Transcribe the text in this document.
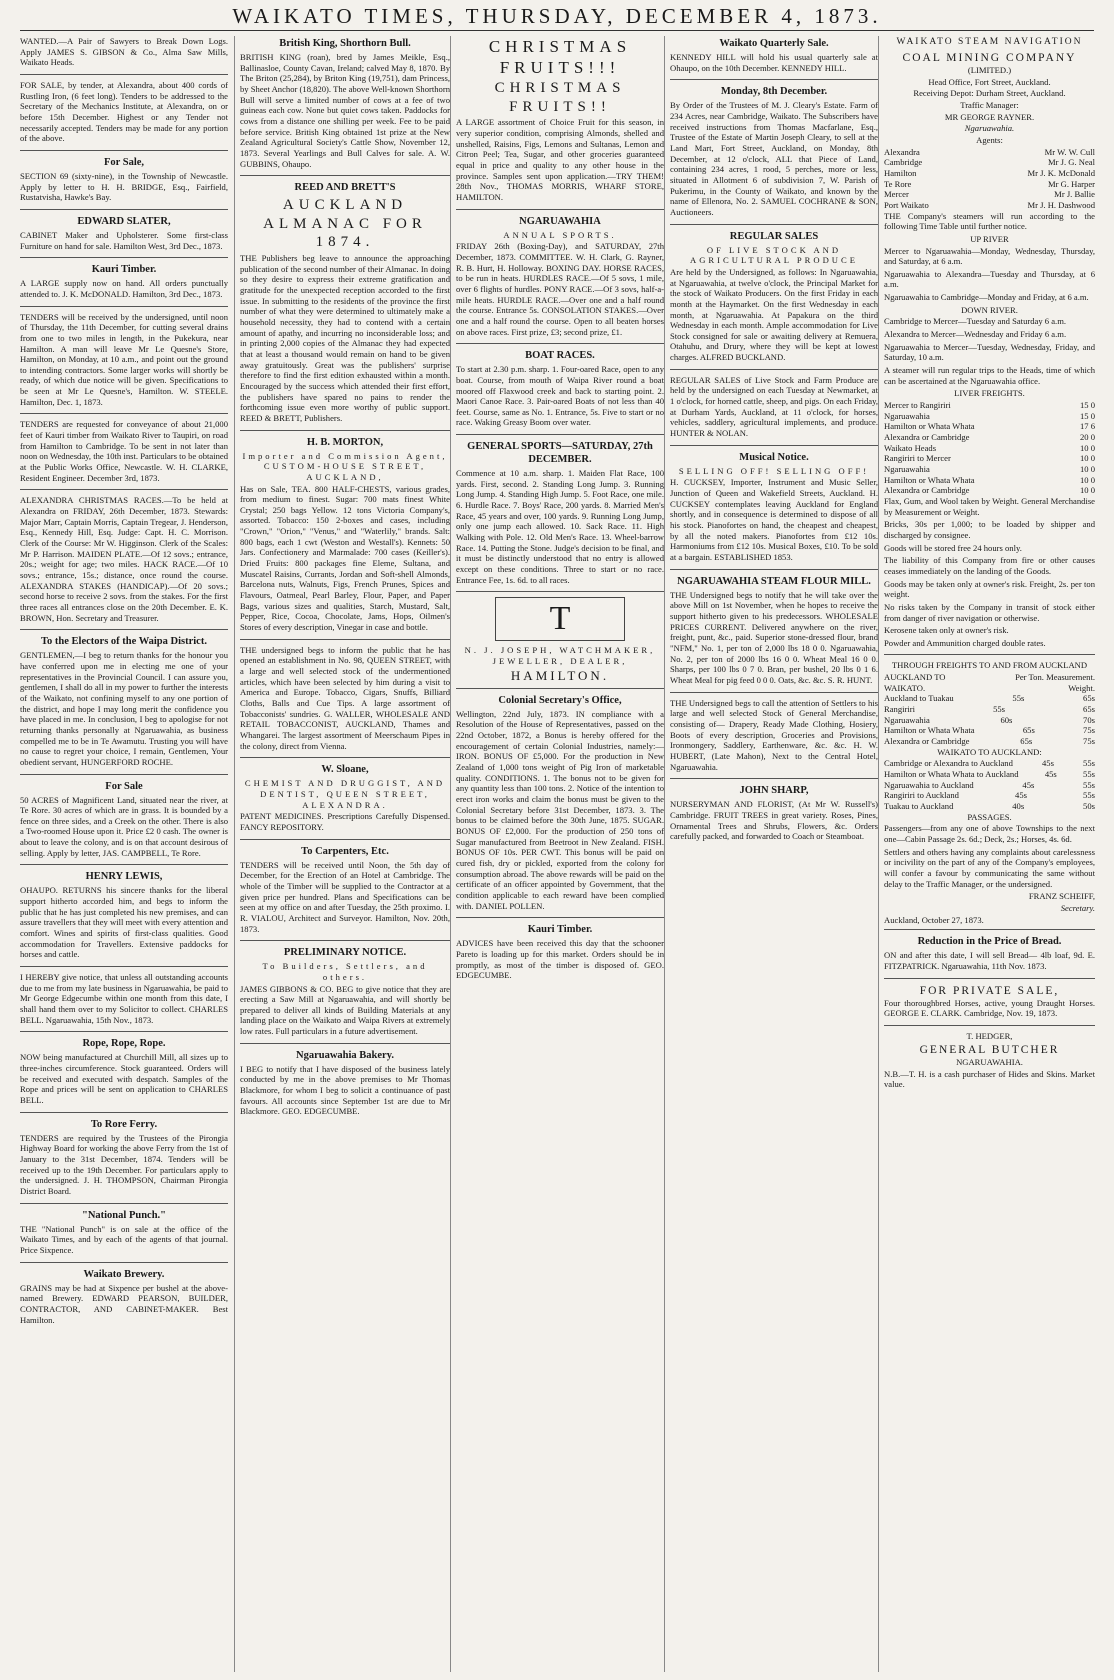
WAIKATO TIMES, THURSDAY, DECEMBER 4, 1873.

WANTED.—A Pair of Sawyers to Break Down Logs. Apply JAMES S. GIBSON & Co., Alma Saw Mills, Waikato Heads.

FOR SALE, by tender, at Alexandra, about 400 cords of Rustling Iron, (6 feet long). Tenders to be addressed to the Secretary of the Mechanics Institute, at Alexandra, on or before 15th December. Highest or any Tender not necessarily accepted. Tenders may be made for any portion of the above.

For Sale,

SECTION 69 (sixty-nine), in the Township of Newcastle. Apply by letter to H. H. BRIDGE, Esq., Fairfield, Rustatvisha, Hawke's Bay.

EDWARD SLATER,

CABINET Maker and Upholsterer. Some first-class Furniture on hand for sale. Hamilton West, 3rd Dec., 1873.

Kauri Timber.

A LARGE supply now on hand. All orders punctually attended to. J. K. McDONALD. Hamilton, 3rd Dec., 1873.

TENDERS will be received by the undersigned, until noon of Thursday, the 11th December, for cutting several drains from one to two miles in length, in the Pukekura, near Hamilton. A man will leave Mr Le Quesne's Store, Hamilton, on Monday, at 10 a.m., and point out the ground to intending contractors. Some larger works will shortly be ready, of which due notice will be given. Specifications to be seen at Mr Le Quesne's, Hamilton. W. STEELE. Hamilton, Dec. 1, 1873.

TENDERS are requested for conveyance of about 21,000 feet of Kauri timber from Waikato River to Taupiri, on road from Hamilton to Cambridge. To be sent in not later than noon on Wednesday, the 10th inst. Particulars to be obtained at the Public Works Office, Newcastle. W. H. CLARKE, Resident Engineer. December 3rd, 1873.

ALEXANDRA CHRISTMAS RACES.—To be held at Alexandra on FRIDAY, 26th December, 1873. Stewards: Major Marr, Captain Morris, Captain Tregear, J. Henderson, Esq., Kennedy Hill, Esq. Judge: Capt. H. C. Morrison. Clerk of the Course: Mr W. Higginson. Clerk of the Scales: Mr P. Harrison. MAIDEN PLATE.—Of 12 sovs.; entrance, 20s.; weight for age; two miles. HACK RACE.—Of 10 sovs.; entrance, 15s.; distance, once round the course. ALEXANDRA STAKES (HANDICAP).—Of 20 sovs.; second horse to receive 2 sovs. from the stakes. For the first three races all entrances close on the 20th December. E. K. BROWN, Hon. Secretary and Treasurer.

To the Electors of the Waipa District.

GENTLEMEN,—I beg to return thanks for the honour you have conferred upon me in electing me one of your representatives in the Provincial Council. I can assure you, gentlemen, I shall do all in my power to further the interests of the Waikato, not confining myself to any one portion of the district, and hope I may long merit the confidence you have placed in me. In conclusion, I beg to apologise for not returning thanks personally at Ngaruawahia, as business compelled me to be in Te Awamutu. Trusting you will have no cause to regret your choice, I remain, Gentlemen, Your obedient servant, HUNGERFORD ROCHE.

For Sale

50 ACRES of Magnificent Land, situated near the river, at Te Rore. 30 acres of which are in grass. It is bounded by a fence on three sides, and a Creek on the other. There is also a Two-roomed House upon it. Price £2 0 cash. The owner is about to leave the colony, and is on that account desirous of selling. Apply by letter, JAS. CAMPBELL, Te Rore.

HENRY LEWIS,

OHAUPO. RETURNS his sincere thanks for the liberal support hitherto accorded him, and begs to inform the public that he has just completed his new premises, and can assure travellers that they will meet with every attention and comfort. Wines and spirits of first-class qualities. Good accommodation for Travellers. Extensive paddocks for horses and cattle.

I HEREBY give notice, that unless all outstanding accounts due to me from my late business in Ngaruawahia, be paid to Mr George Edgecumbe within one month from this date, I shall hand them over to my Solicitor to collect. CHARLES BELL. Ngaruawahia, 15th Nov., 1873.

Rope, Rope, Rope.

NOW being manufactured at Churchill Mill, all sizes up to three-inches circumference. Stock guaranteed. Orders will be received and executed with despatch. Samples of the Rope and prices will be sent on application to CHARLES BELL.

To Rore Ferry.

TENDERS are required by the Trustees of the Pirongia Highway Board for working the above Ferry from the 1st of January to the 31st December, 1874. Tenders will be received up to the 19th December. For particulars apply to the undersigned. J. H. THOMPSON, Chairman Pirongia District Board.

"National Punch."

THE "National Punch" is on sale at the office of the Waikato Times, and by each of the agents of that journal. Price Sixpence.

Waikato Brewery.

GRAINS may be had at Sixpence per bushel at the above-named Brewery. EDWARD PEARSON, BUILDER, CONTRACTOR, AND CABINET-MAKER. Best Hamilton.

British King, Shorthorn Bull.

BRITISH KING (roan), bred by James Meikle, Esq., Ballinasloe, County Cavan, Ireland; calved May 8, 1870. By The Briton (25,284), by Briton King (19,751), dam Princess, by Sheet Anchor (18,820). The above Well-known Shorthorn Bull will serve a limited number of cows at a fee of two guineas each cow. None but quiet cows taken. Paddocks for cows from a distance one shilling per week. Fee to be paid before service. British King obtained 1st prize at the New Zealand Agricultural Society's Cattle Show, November 12, 1873. Several Yearlings and Bull Calves for sale. A. W. GUBBINS, Ohaupo.

REED AND BRETT'S
AUCKLAND ALMANAC FOR 1874.

THE Publishers beg leave to announce the approaching publication of the second number of their Almanac. In doing so they desire to express their extreme gratification and gratitude for the unexpected reception accorded to the first issue. In submitting to the residents of the province the first number of what they were determined to ultimately make a household necessity, they had to contend with a certain amount of apathy, and incurring no inconsiderable loss; and in printing 2,000 copies of the Almanac they had expected that at least a thousand would remain on hand to be given away gratuitously. Great was the publishers' surprise therefore to find the first edition exhausted within a month. Encouraged by the success which attended their first effort, the publishers have spared no pains to render the forthcoming issue even more worthy of public support. REED & BRETT, Publishers.

H. B. MORTON,
Importer and Commission Agent, CUSTOM-HOUSE STREET, AUCKLAND,

Has on Sale, TEA. 800 HALF-CHESTS, various grades, from medium to finest. Sugar: 700 mats finest White Crystal; 250 bags Yellow. 12 tons Victoria Company's, assorted. Tobacco: 150 2-boxes and cases, including "Crown," "Orion," "Venus," and "Waterlily," brands. Salt: 800 bags, each 1 cwt (Weston and Westall's). Kennets: 50 Jars. Confectionery and Marmalade: 700 cases (Keiller's). Dried Fruits: 800 packages fine Eleme, Sultana, and Muscatel Raisins, Currants, Jordan and Soft-shell Almonds, Barcelona nuts, Walnuts, Figs, French Prunes, Spices and Flavours, Oatmeal, Pearl Barley, Flour, Paper, and Paper Bags, various sizes and qualities, Starch, Mustard, Salt, Pepper, Rice, Cocoa, Chocolate, Jams, Hops, Oilmen's Stores of every description, Vinegar in case and bottle.

THE undersigned begs to inform the public that he has opened an establishment in No. 98, QUEEN STREET, with a large and well selected stock of the undermentioned articles, which have been selected by him during a visit to America and Europe. Tobacco, Cigars, Snuffs, Billiard Cloths, Balls and Cue Tips. A large assortment of Tobacconists' sundries. G. WALLER, WHOLESALE AND RETAIL TOBACCONIST, AUCKLAND, Thames and Whangarei. The largest assortment of Meerschaum Pipes in the colony, direct from Vienna.

W. Sloane,
CHEMIST AND DRUGGIST, AND DENTIST, QUEEN STREET, ALEXANDRA.

PATENT MEDICINES. Prescriptions Carefully Dispensed. FANCY REPOSITORY.

To Carpenters, Etc.

TENDERS will be received until Noon, the 5th day of December, for the Erection of an Hotel at Cambridge. The whole of the Timber will be supplied to the Contractor at a given price per hundred. Plans and Specifications can be seen at my office on and after Tuesday, the 25th proximo. I. R. VIALOU, Architect and Surveyor. Hamilton, Nov. 20th, 1873.

PRELIMINARY NOTICE.
To Builders, Settlers, and others.

JAMES GIBBONS & CO. BEG to give notice that they are erecting a Saw Mill at Ngaruawahia, and will shortly be prepared to deliver all kinds of Building Materials at any landing place on the Waikato and Waipa Rivers at extremely low rates. Full particulars in a future advertisement.

Ngaruawahia Bakery.

I BEG to notify that I have disposed of the business lately conducted by me in the above premises to Mr Thomas Blackmore, for whom I beg to solicit a continuance of past favours. All accounts since September 1st are due to Mr Blackmore. GEO. EDGECUMBE.

CHRISTMAS FRUITS!!!
CHRISTMAS FRUITS!!

A LARGE assortment of Choice Fruit for this season, in very superior condition, comprising Almonds, shelled and unshelled, Raisins, Figs, Lemons and Sultanas, Lemon and Citron Peel; Tea, Sugar, and other groceries guaranteed equal in price and quality to any other house in the province. Samples sent upon application.—TRY THEM! 28th Nov., THOMAS MORRIS, WHARF STORE, HAMILTON.

NGARUAWAHIA
ANNUAL SPORTS.

FRIDAY 26th (Boxing-Day), and SATURDAY, 27th December, 1873. COMMITTEE. W. H. Clark, G. Rayner, R. B. Hurt, H. Holloway. BOXING DAY. HORSE RACES, to be run in heats. HURDLES RACE.—Of 5 sovs, 1 mile, over 6 flights of hurdles. PONY RACE.—Of 3 sovs, half-a-mile heats. HURDLE RACE.—Over one and a half round the course. Entrance 5s. CONSOLATION STAKES.—Over one and a half round the course. Open to all beaten horses on above races. First prize, £3; second prize, £1.

BOAT RACES.

To start at 2.30 p.m. sharp. 1. Four-oared Race, open to any boat. Course, from mouth of Waipa River round a boat moored off Flaxwood creek and back to starting point. 2. Maori Canoe Race. 3. Pair-oared Boats of not less than 40 feet. Course, same as No. 1. Entrance, 5s. Five to start or no race. Waking Greasy Boom over water.

GENERAL SPORTS—SATURDAY, 27th DECEMBER.

Commence at 10 a.m. sharp. 1. Maiden Flat Race, 100 yards. First, second. 2. Standing Long Jump. 3. Running Long Jump. 4. Standing High Jump. 5. Foot Race, one mile. 6. Hurdle Race. 7. Boys' Race, 200 yards. 8. Married Men's Race, 45 years and over, 100 yards. 9. Running Long Jump, only one jump each allowed. 10. Sack Race. 11. High Walking with Pole. 12. Old Men's Race. 13. Wheel-barrow Race. 14. Putting the Stone. Judge's decision to be final, and it must be distinctly understood that no entry is allowed except on these conditions. Three to start or no race. Entrance Fee, 1s. 6d. to all races.

T
N. J. JOSEPH, WATCHMAKER, JEWELLER, DEALER,
HAMILTON.
Colonial Secretary's Office,

Wellington, 22nd July, 1873. IN compliance with a Resolution of the House of Representatives, passed on the 22nd October, 1872, a Bonus is hereby offered for the encouragement of certain Colonial Industries, namely:— IRON. BONUS OF £5,000. For the production in New Zealand of 1,000 tons weight of Pig Iron of marketable quality. CONDITIONS. 1. The bonus not to be given for any quantity less than 100 tons. 2. Notice of the intention to erect iron works and claim the bonus must be given to the Colonial Secretary before 31st December, 1873. 3. The bonus to be claimed before the 30th June, 1875. SUGAR. BONUS OF £2,000. For the production of 250 tons of Sugar manufactured from Beetroot in New Zealand. FISH. BONUS OF 10s. PER CWT. This bonus will be paid on cured fish, dry or pickled, exported from the colony for consumption abroad. The above rewards will be paid on the certificate of an officer appointed by Government, that the condition applicable to each reward have been complied with. DANIEL POLLEN.

Kauri Timber.

ADVICES have been received this day that the schooner Pareto is loading up for this market. Orders should be in promptly, as most of the timber is disposed of. GEO. EDGECUMBE.

Waikato Quarterly Sale.

KENNEDY HILL will hold his usual quarterly sale at Ohaupo, on the 10th December. KENNEDY HILL.

Monday, 8th December.

By Order of the Trustees of M. J. Cleary's Estate. Farm of 234 Acres, near Cambridge, Waikato. The Subscribers have received instructions from Thomas Macfarlane, Esq., Trustee of the Estate of Martin Joseph Cleary, to sell at the Land Mart, Fort Street, Auckland, on Monday, 8th December, at 12 o'clock, ALL that Piece of Land, containing 234 acres, 1 rood, 5 perches, more or less, situated in Allotment 6 of subdivision 7, W. Parish of Pukerimu, in the County of Waikato, and known by the name of Ellenora, No. 2. SAMUEL COCHRANE & SON, Auctioneers.

REGULAR SALES
OF LIVE STOCK AND AGRICULTURAL PRODUCE

Are held by the Undersigned, as follows: In Ngaruawahia, at Ngaruawahia, at twelve o'clock, the Principal Market for the stock of Waikato Producers. On the first Friday in each month at the Haymarket. On the first Wednesday in each month, at Ngaruawahia. At Papakura on the third Wednesday in each month. Ample accommodation for Live Stock consigned for sale or awaiting delivery at Remuera, Otahuhu, and Drury, where they will be kept at lowest charges. ALFRED BUCKLAND.

REGULAR SALES of Live Stock and Farm Produce are held by the undersigned on each Tuesday at Newmarket, at 1 o'clock, for horned cattle, sheep, and pigs. On each Friday, at Durham Yards, Auckland, at 11 o'clock, for horses, vehicles, saddlery, agricultural implements, and produce. HUNTER & NOLAN.

Musical Notice.
SELLING OFF! SELLING OFF!

H. CUCKSEY, Importer, Instrument and Music Seller, Junction of Queen and Wakefield Streets, Auckland. H. CUCKSEY contemplates leaving Auckland for England shortly, and in consequence is determined to dispose of all his stock. Pianofortes on hand, the cheapest and cheapest, by all the noted makers. Pianofortes from £12 10s. Harmoniums from £12 10s. Musical Boxes, £10. To be sold at a bargain. ESTABLISHED 1853.

NGARUAWAHIA STEAM FLOUR MILL.

THE Undersigned begs to notify that he will take over the above Mill on 1st November, when he hopes to receive the support hitherto given to his predecessors. WHOLESALE PRICES CURRENT. Delivered anywhere on the river, freight, punt, &c., paid. Superior stone-dressed flour, brand "NFM," No. 1, per ton of 2,000 lbs 18 0 0. Ngaruawahia, No. 2, per ton of 2000 lbs 16 0 0. Wheat Meal 16 0 0. Sharps, per 100 lbs 0 7 0. Bran, per bushel, 20 lbs 0 1 6. Wheat Meal for pig feed 0 0 0. Oats, &c. &c. S. R. HUNT.

THE Undersigned begs to call the attention of Settlers to his large and well selected Stock of General Merchandise, consisting of— Drapery, Ready Made Clothing, Hosiery, Boots of every description, Groceries and Provisions, Ironmongery, Saddlery, Earthenware, &c. &c. H. W. HUBERT, (Late Mahon), Next to the Central Hotel, Ngaruawahia.

JOHN SHARP,

NURSERYMAN AND FLORIST, (At Mr W. Russell's) Cambridge. FRUIT TREES in great variety. Roses, Pines, Ornamental Trees and Shrubs, Flowers, &c. Orders carefully packed, and forwarded to Coach or Steamboat.

WAIKATO STEAM NAVIGATION
COAL MINING COMPANY
(LIMITED.)
Head Office, Fort Street, Auckland.
Receiving Depot: Durham Street, Auckland.
Traffic Manager:
MR GEORGE RAYNER.
Ngaruawahia.
Agents:
Alexandra	Mr W. W. Cull
Cambridge	Mr J. G. Neal
Hamilton	Mr J. K. McDonald
Te Rore	Mr G. Harper
Mercer	Mr J. Ballie
Port Waikato	Mr J. H. Dashwood

THE Company's steamers will run according to the following Time Table until further notice.

UP RIVER

Mercer to Ngaruawahia—Monday, Wednesday, Thursday, and Saturday, at 6 a.m.

Ngaruawahia to Alexandra—Tuesday and Thursday, at 6 a.m.

Ngaruawahia to Cambridge—Monday and Friday, at 6 a.m.

DOWN RIVER.

Cambridge to Mercer—Tuesday and Saturday 6 a.m.

Alexandra to Mercer—Wednesday and Friday 6 a.m.

Ngaruawahia to Mercer—Tuesday, Wednesday, Friday, and Saturday, 10 a.m.

A steamer will run regular trips to the Heads, time of which can be ascertained at the Ngaruawahia office.

LIVER FREIGHTS.
Mercer to Rangiriri	15 0
Ngaruawahia	15 0
Hamilton or Whata Whata	17 6
Alexandra or Cambridge	20 0
Waikato Heads	10 0
Rangiriri to Mercer	10 0
Ngaruawahia	10 0
Hamilton or Whata Whata	10 0
Alexandra or Cambridge	10 0

Flax, Gum, and Wool taken by Weight. General Merchandise by Measurement or Weight.

Bricks, 30s per 1,000; to be loaded by shipper and discharged by consignee.

Goods will be stored free 24 hours only.

The liability of this Company from fire or other causes ceases immediately on the landing of the Goods.

Goods may be taken only at owner's risk. Freight, 2s. per ton weight.

No risks taken by the Company in transit of stock either from danger of river navigation or otherwise.

Kerosene taken only at owner's risk.

Powder and Ammunition charged double rates.

THROUGH FREIGHTS TO AND FROM AUCKLAND
AUCKLAND TO WAIKATO.
Per Ton. Measurement. Weight.
Auckland to Tuakau	55s	65s
Rangiriri	55s	65s
Ngaruawahia	60s	70s
Hamilton or Whata Whata	65s	75s
Alexandra or Cambridge	65s	75s
WAIKATO TO AUCKLAND:
Cambridge or Alexandra to Auckland	45s	55s
Hamilton or Whata Whata to Auckland	45s	55s
Ngaruawahia to Auckland	45s	55s
Rangiriri to Auckland	45s	55s
Tuakau to Auckland	40s	50s
PASSAGES.

Passengers—from any one of above Townships to the next one—Cabin Passage 2s. 6d.; Deck, 2s.; Horses, 4s. 6d.

Settlers and others having any complaints about carelessness or incivility on the part of any of the Company's employees, will confer a favour by communicating the same without delay to the Traffic Manager, or the undersigned.

FRANZ SCHEIFF,
Secretary.
Auckland, October 27, 1873.
Reduction in the Price of Bread.

ON and after this date, I will sell Bread— 4lb loaf, 9d. E. FITZPATRICK. Ngaruawahia, 11th Nov. 1873.

FOR PRIVATE SALE,

Four thoroughbred Horses, active, young Draught Horses. GEORGE E. CLARK. Cambridge, Nov. 19, 1873.

T. HEDGER,
GENERAL BUTCHER
NGARUAWAHIA.

N.B.—T. H. is a cash purchaser of Hides and Skins. Market value.
